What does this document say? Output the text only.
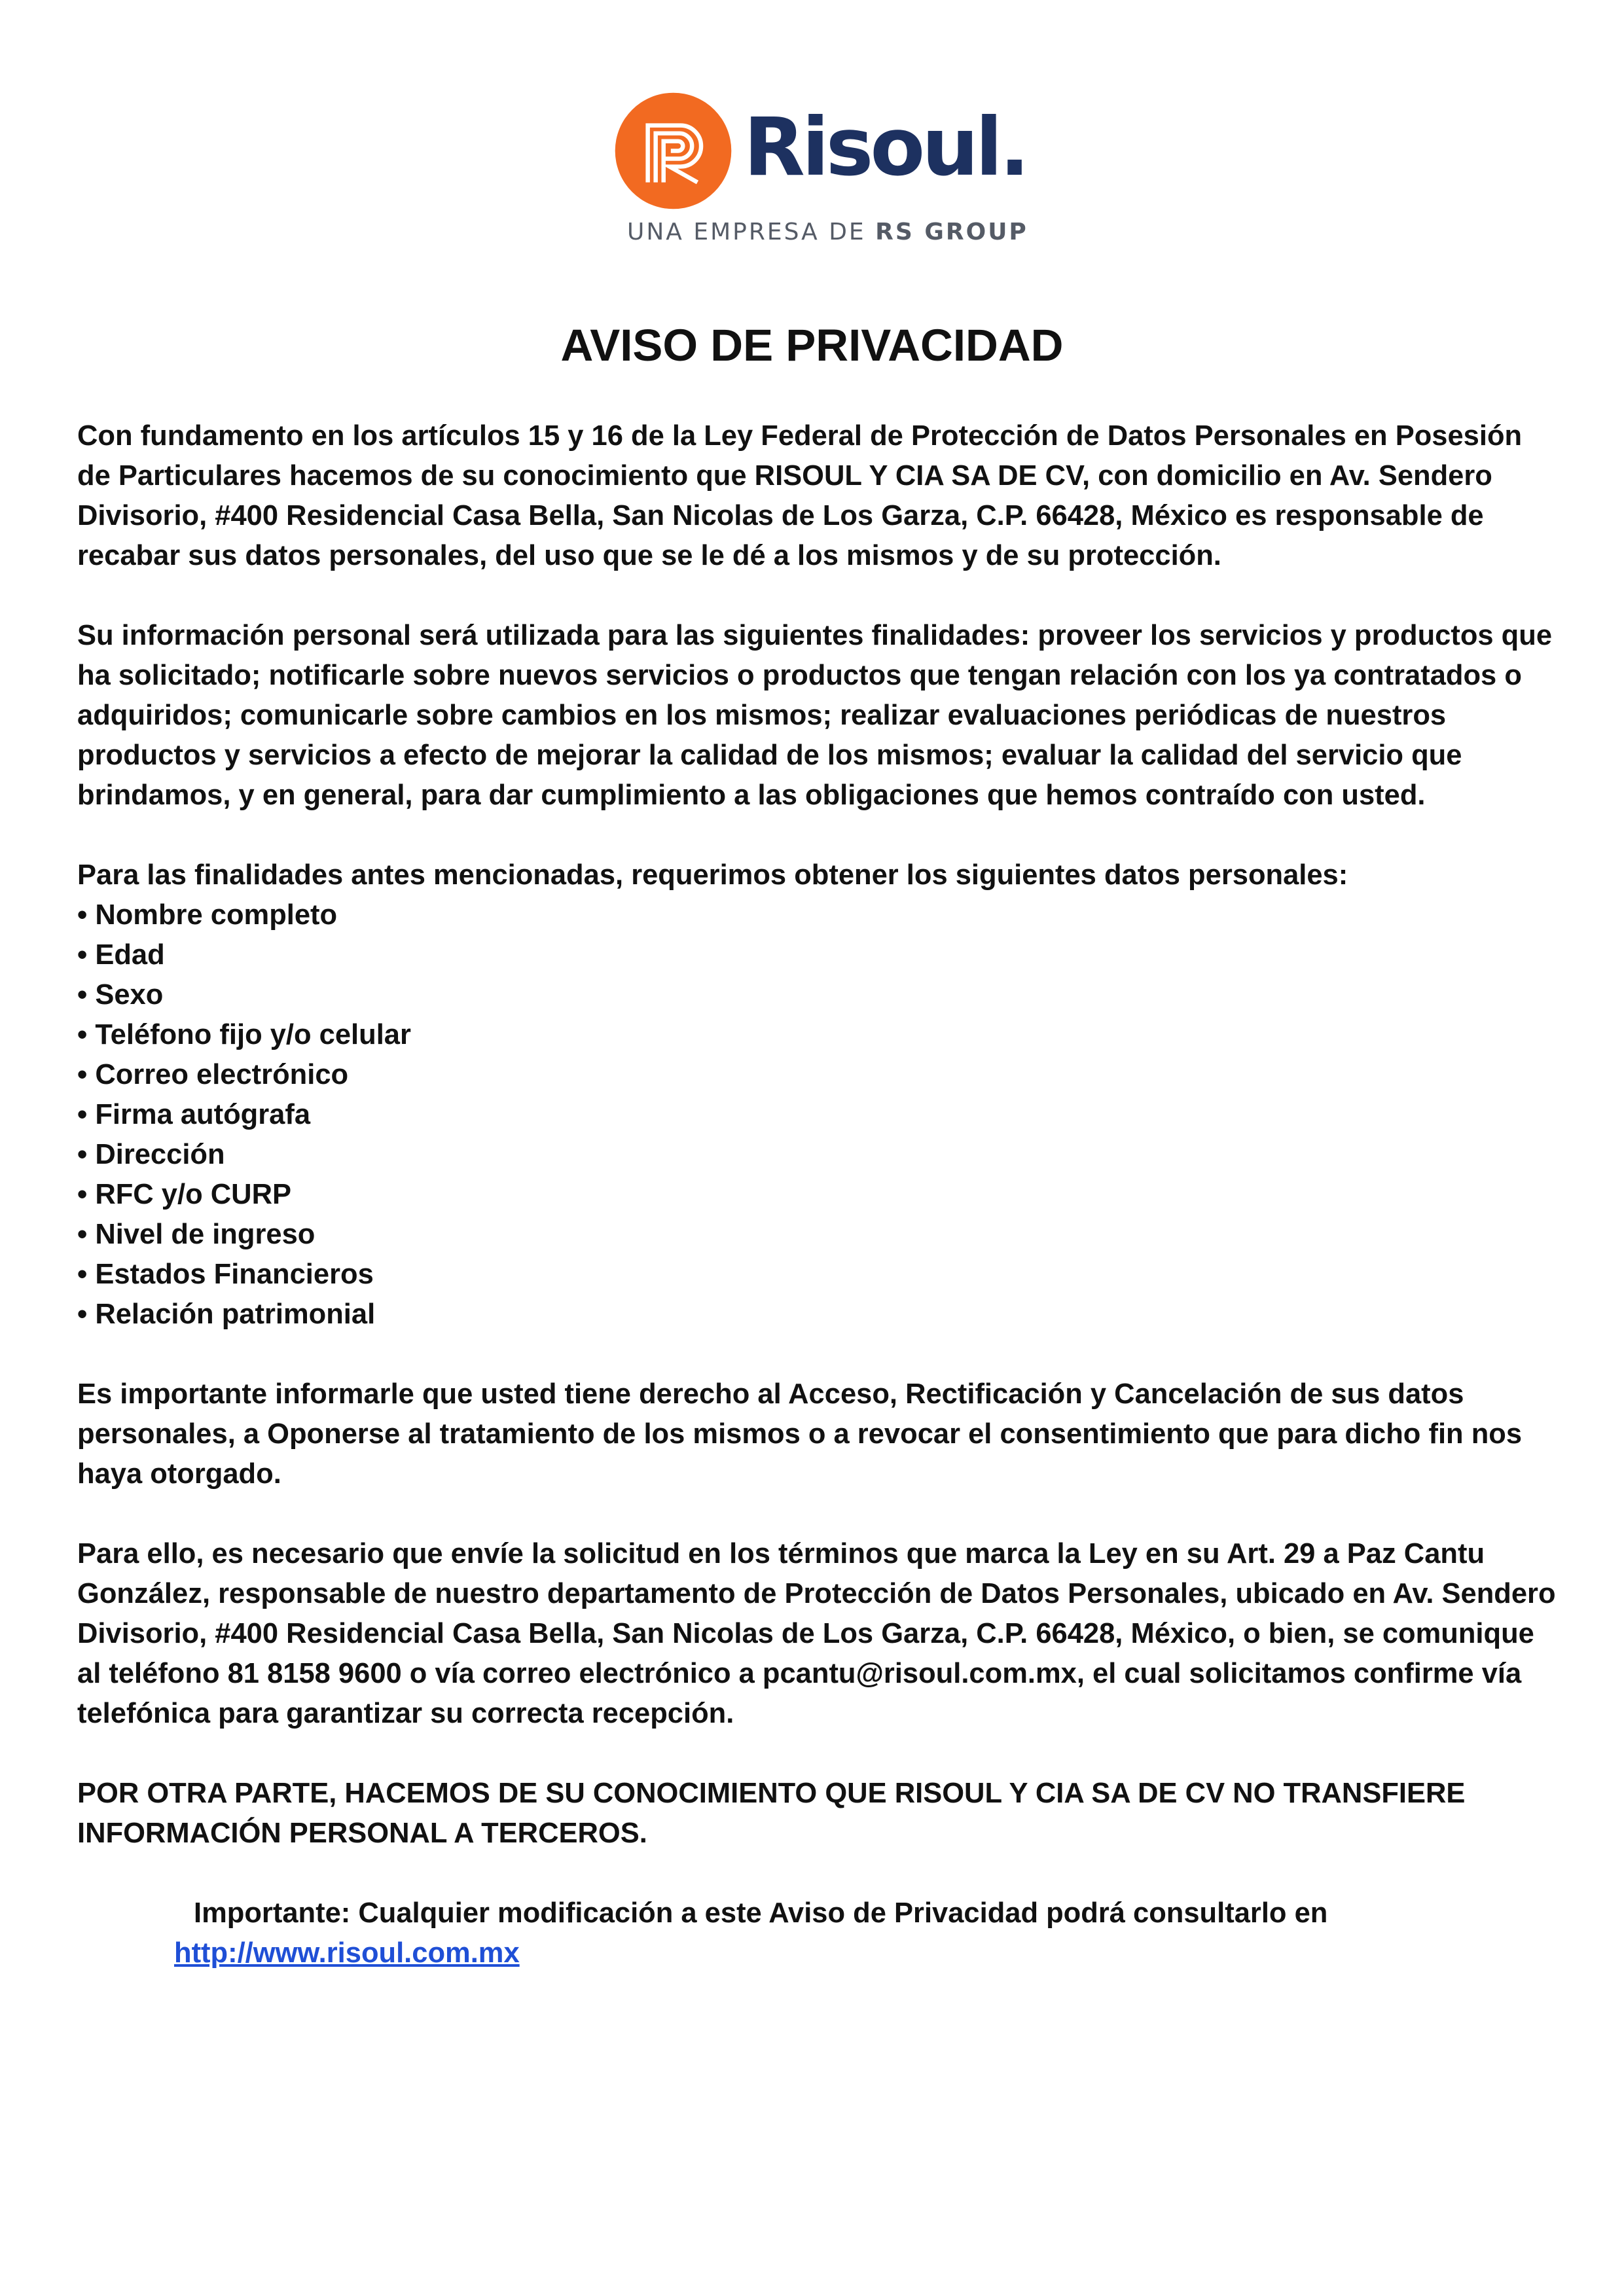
Risoul.
UNA EMPRESA DE RS GROUP
AVISO DE PRIVACIDAD

Con fundamento en los artículos 15 y 16 de la Ley Federal de Protección de Datos Personales en Posesión de Particulares hacemos de su conocimiento que RISOUL Y CIA SA DE CV, con domicilio en Av. Sendero Divisorio, #400 Residencial Casa Bella, San Nicolas de Los Garza, C.P. 66428, México es responsable de recabar sus datos personales, del uso que se le dé a los mismos y de su protección.

Su información personal será utilizada para las siguientes finalidades: proveer los servicios y productos que ha solicitado; notificarle sobre nuevos servicios o productos que tengan relación con los ya contratados o adquiridos; comunicarle sobre cambios en los mismos; realizar evaluaciones periódicas de nuestros productos y servicios a efecto de mejorar la calidad de los mismos; evaluar la calidad del servicio que brindamos, y en general, para dar cumplimiento a las obligaciones que hemos contraído con usted.

Para las finalidades antes mencionadas, requerimos obtener los siguientes datos personales:

• Nombre completo
• Edad
• Sexo
• Teléfono fijo y/o celular
• Correo electrónico
• Firma autógrafa
• Dirección
• RFC y/o CURP
• Nivel de ingreso
• Estados Financieros
• Relación patrimonial

Es importante informarle que usted tiene derecho al Acceso, Rectificación y Cancelación de sus datos personales, a Oponerse al tratamiento de los mismos o a revocar el consentimiento que para dicho fin nos haya otorgado.

Para ello, es necesario que envíe la solicitud en los términos que marca la Ley en su Art. 29 a Paz Cantu González, responsable de nuestro departamento de Protección de Datos Personales, ubicado en Av. Sendero Divisorio, #400 Residencial Casa Bella, San Nicolas de Los Garza, C.P. 66428, México, o bien, se comunique al teléfono 81 8158 9600 o vía correo electrónico a pcantu@risoul.com.mx, el cual solicitamos confirme vía telefónica para garantizar su correcta recepción.

POR OTRA PARTE, HACEMOS DE SU CONOCIMIENTO QUE RISOUL Y CIA SA DE CV NO TRANSFIERE INFORMACIÓN PERSONAL A TERCEROS.

Importante: Cualquier modificación a este Aviso de Privacidad podrá consultarlo en

http://www.risoul.com.mx
